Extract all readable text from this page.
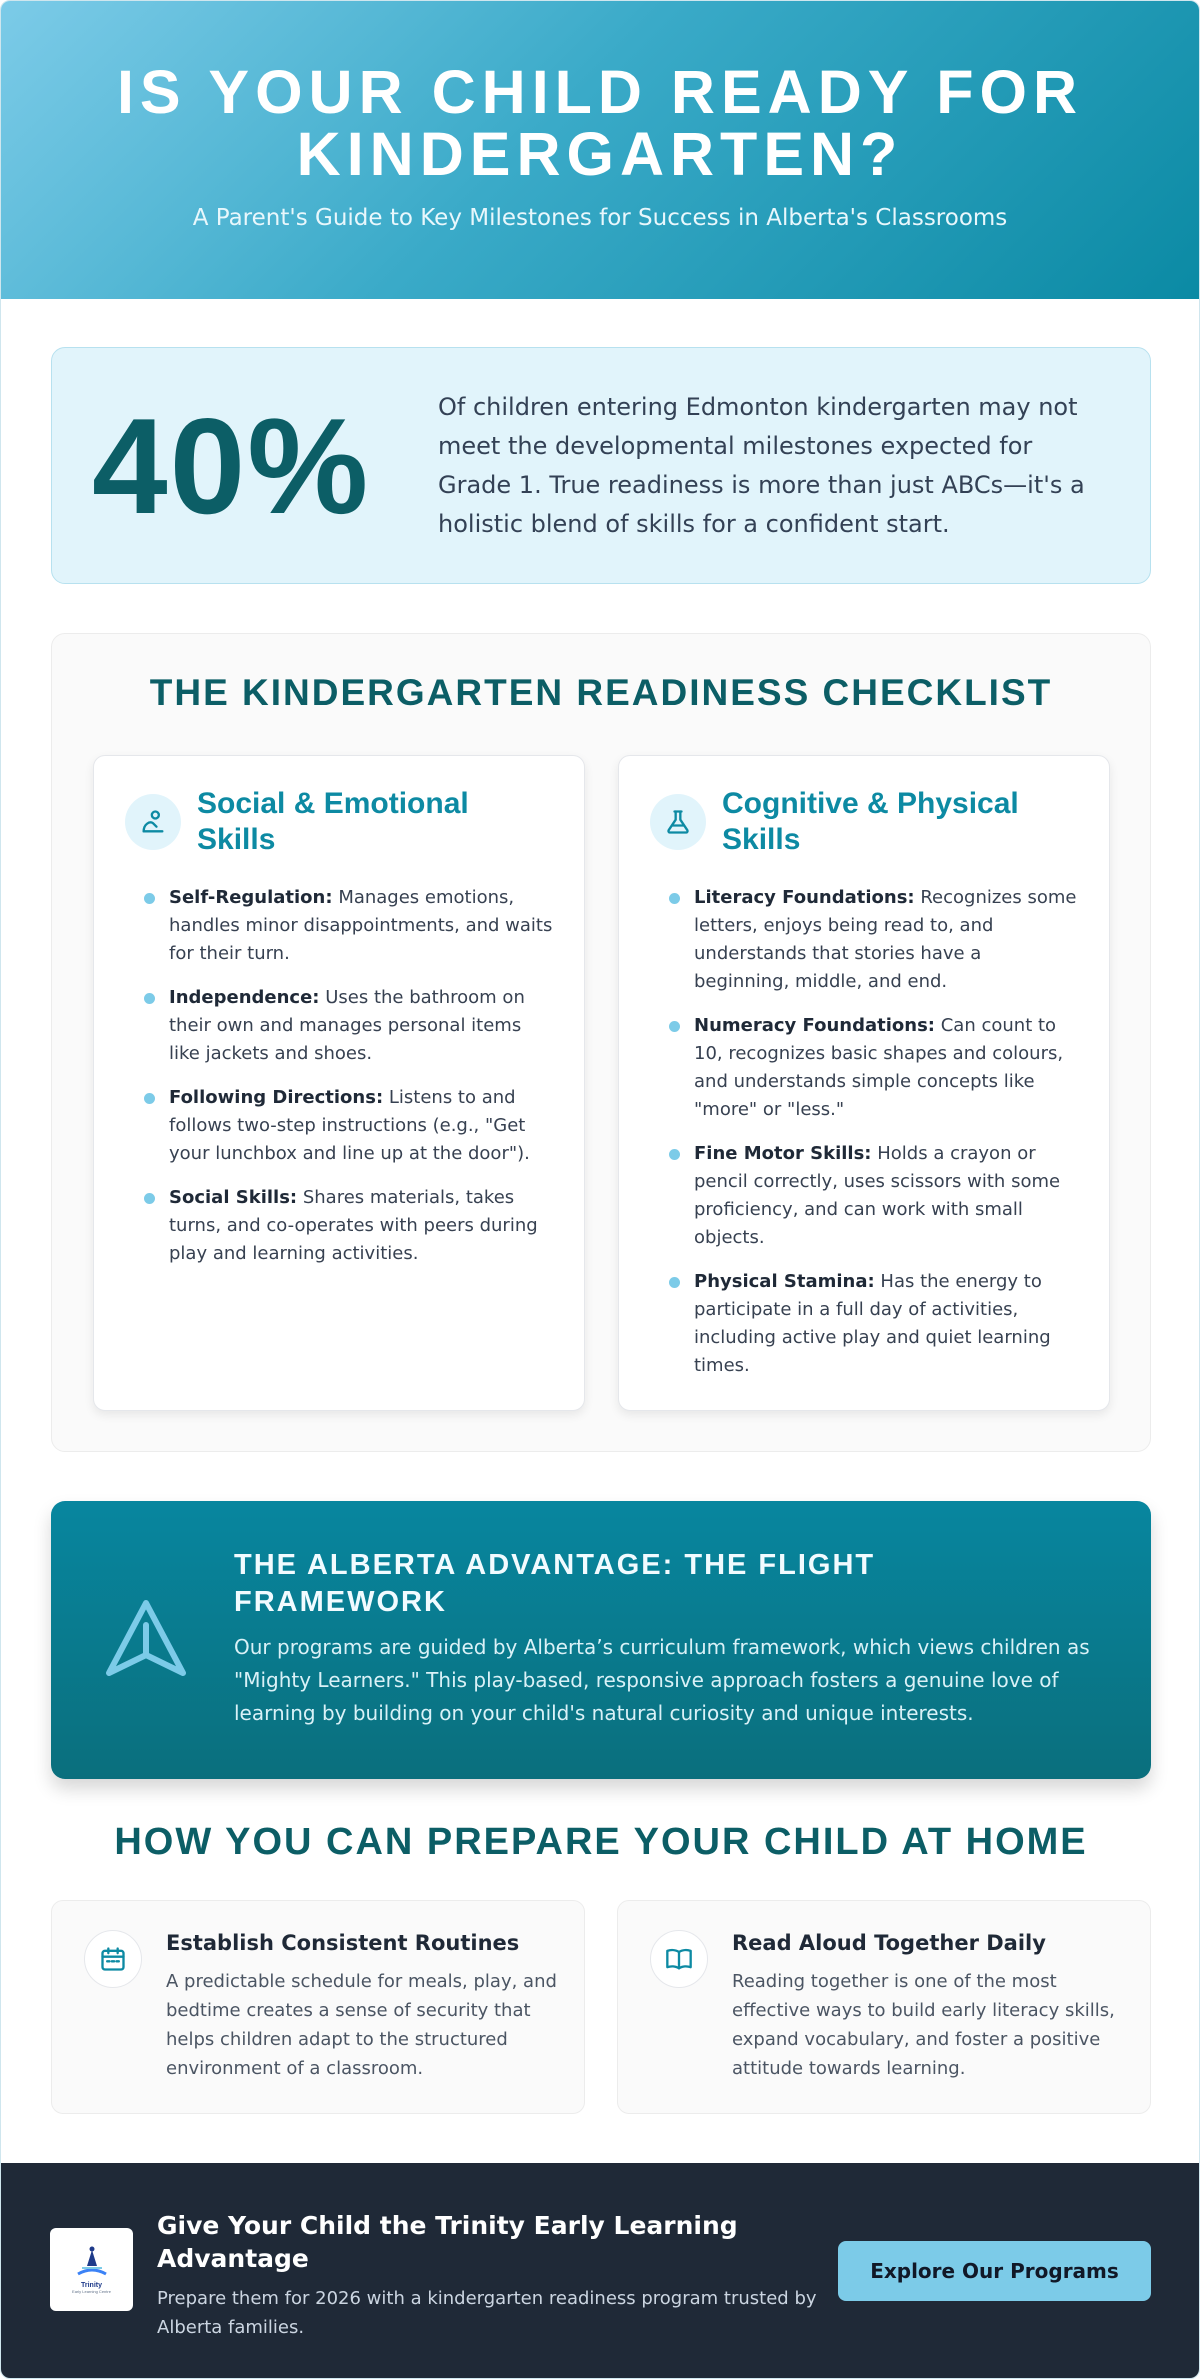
IS YOUR CHILD READY FOR KINDERGARTEN?

A Parent's Guide to Key Milestones for Success in Alberta's Classrooms

40%	Of children entering Edmonton kindergarten may not meet the developmental milestones expected for Grade 1. True readiness is more than just ABCs—it's a holistic blend of skills for a confident start.
THE KINDERGARTEN READINESS CHECKLIST
Social & Emotional Skills
Self-Regulation: Manages emotions, handles minor disappointments, and waits for their turn.
Independence: Uses the bathroom on their own and manages personal items like jackets and shoes.
Following Directions: Listens to and follows two-step instructions (e.g., "Get your lunchbox and line up at the door").
Social Skills: Shares materials, takes turns, and co-operates with peers during play and learning activities.
Cognitive & Physical Skills
Literacy Foundations: Recognizes some letters, enjoys being read to, and understands that stories have a beginning, middle, and end.
Numeracy Foundations: Can count to 10, recognizes basic shapes and colours, and understands simple concepts like "more" or "less."
Fine Motor Skills: Holds a crayon or pencil correctly, uses scissors with some proficiency, and can work with small objects.
Physical Stamina: Has the energy to participate in a full day of activities, including active play and quiet learning times.
THE ALBERTA ADVANTAGE: THE FLIGHT FRAMEWORK

Our programs are guided by Alberta’s curriculum framework, which views children as "Mighty Learners." This play-based, responsive approach fosters a genuine love of learning by building on your child's natural curiosity and unique interests.

HOW YOU CAN PREPARE YOUR CHILD AT HOME
Establish Consistent Routines

A predictable schedule for meals, play, and bedtime creates a sense of security that helps children adapt to the structured environment of a classroom.

Read Aloud Together Daily

Reading together is one of the most effective ways to build early literacy skills, expand vocabulary, and foster a positive attitude towards learning.

Trinity
Early Learning Centre
Give Your Child the Trinity Early Learning Advantage

Prepare them for 2026 with a kindergarten readiness program trusted by Alberta families.

Explore Our Programs
